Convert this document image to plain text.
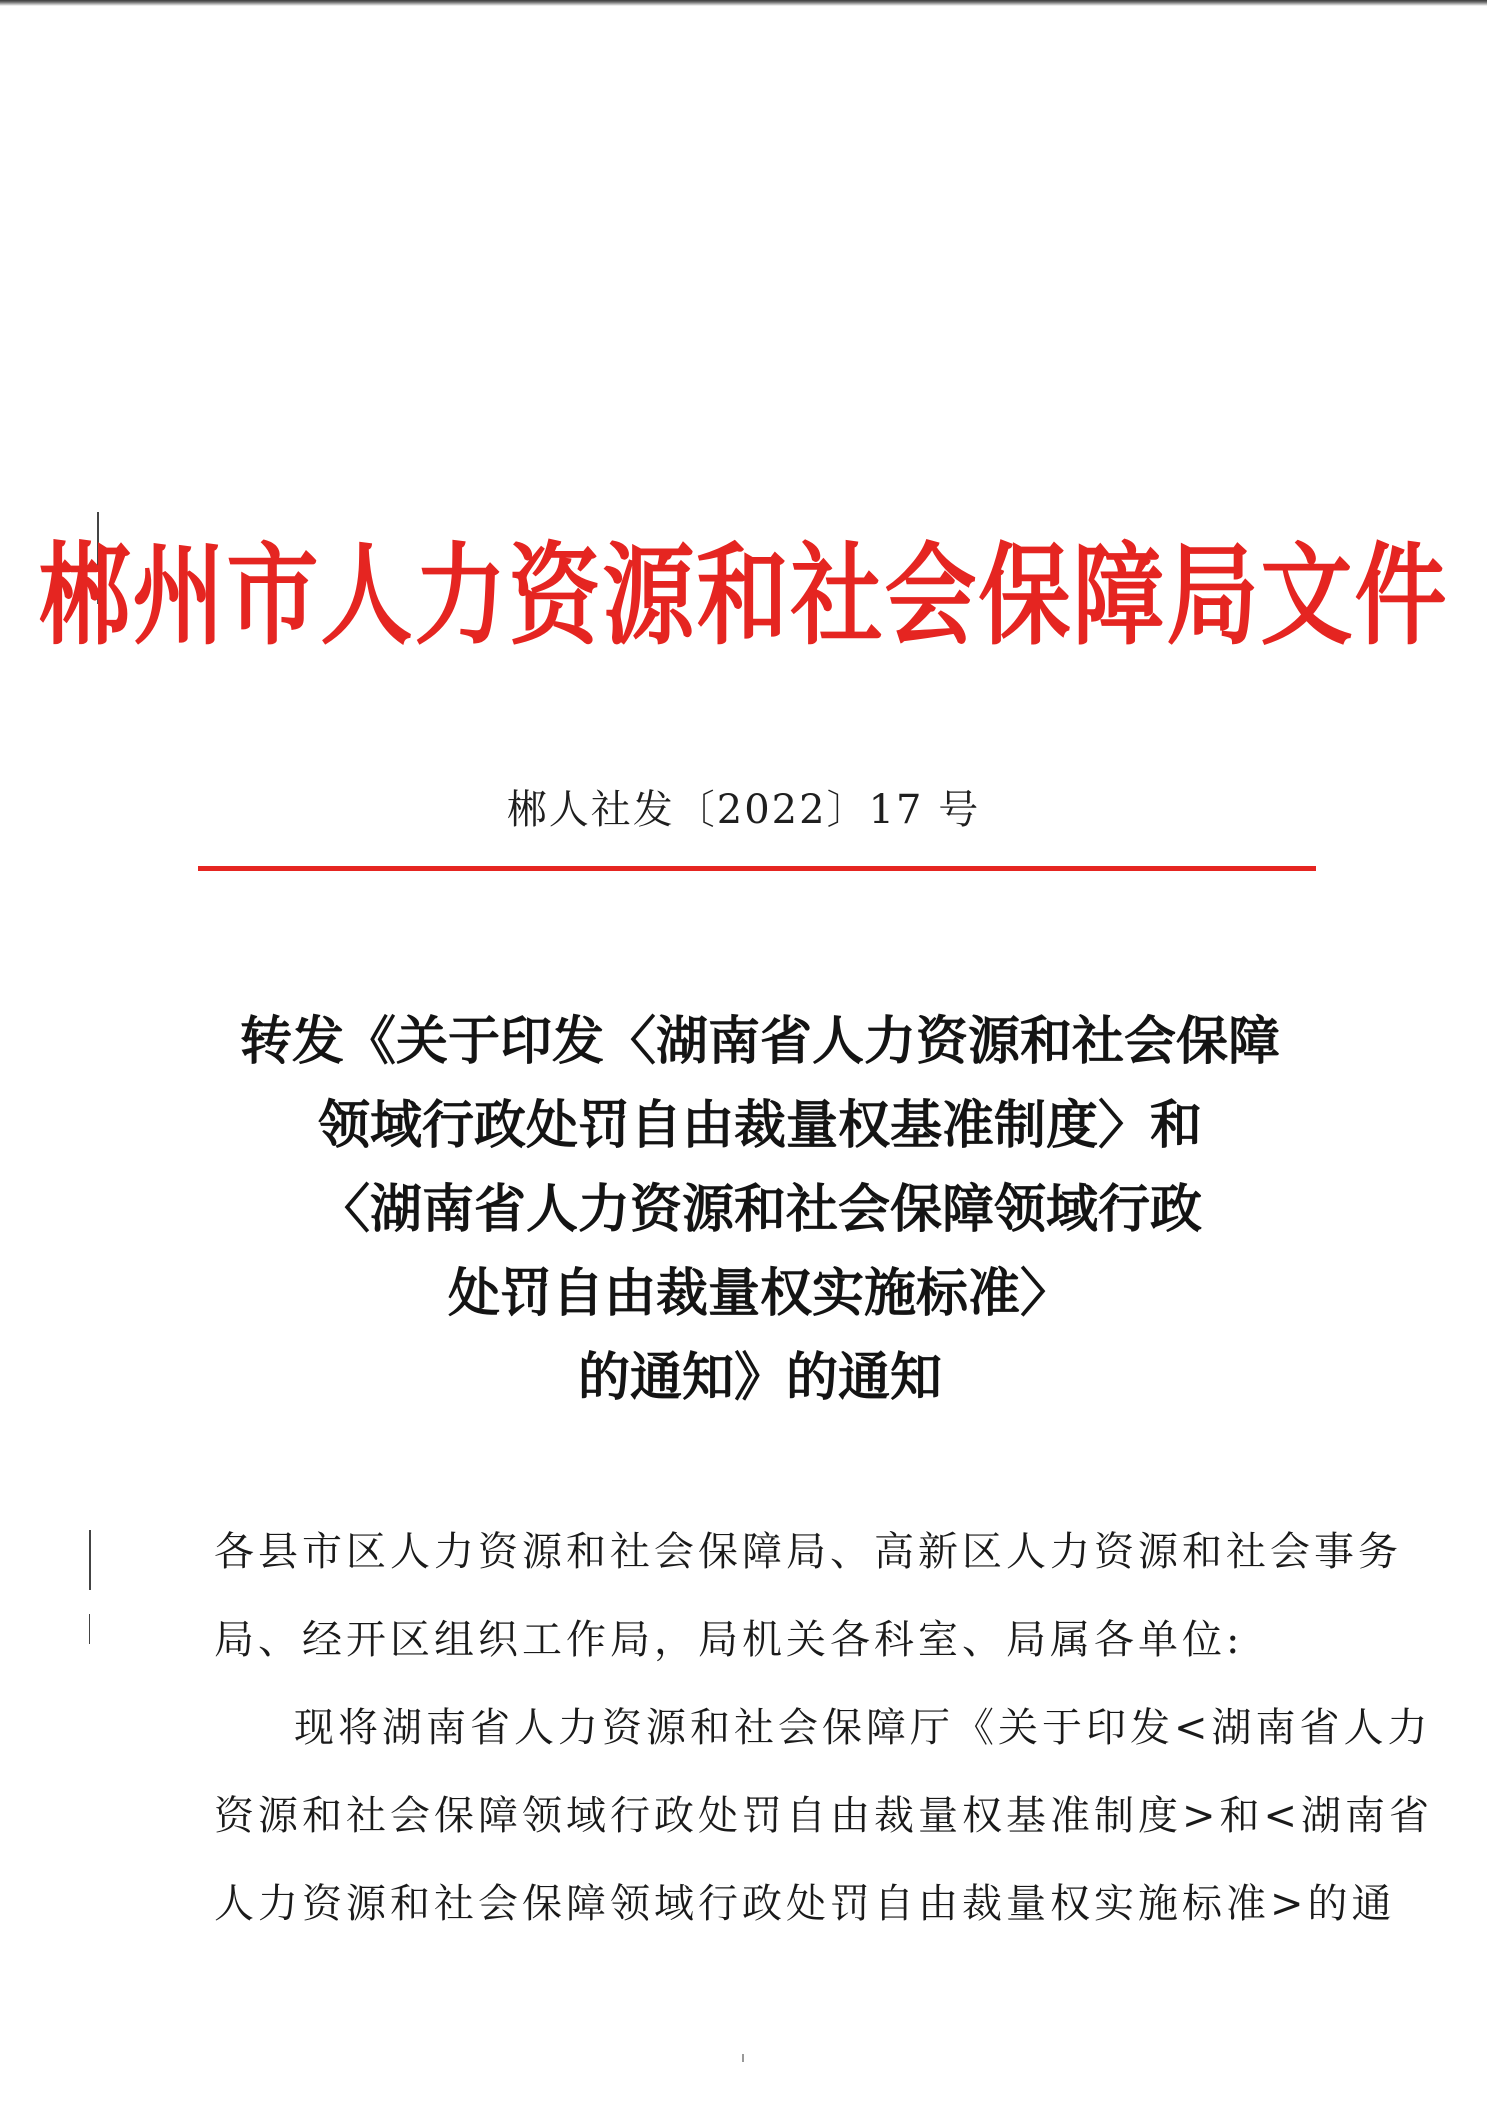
郴州市人力资源和社会保障局文件
郴人社发〔2022〕17 号
转发《关于印发〈湖南省人力资源和社会保障
领域行政处罚自由裁量权基准制度〉和
〈湖南省人力资源和社会保障领域行政
处罚自由裁量权实施标准〉
的通知》的通知
各县市区人力资源和社会保障局、高新区人力资源和社会事务
局、经开区组织工作局，局机关各科室、局属各单位:
现将湖南省人力资源和社会保障厅《关于印发<湖南省人力
资源和社会保障领域行政处罚自由裁量权基准制度>和<湖南省
人力资源和社会保障领域行政处罚自由裁量权实施标准>的通
